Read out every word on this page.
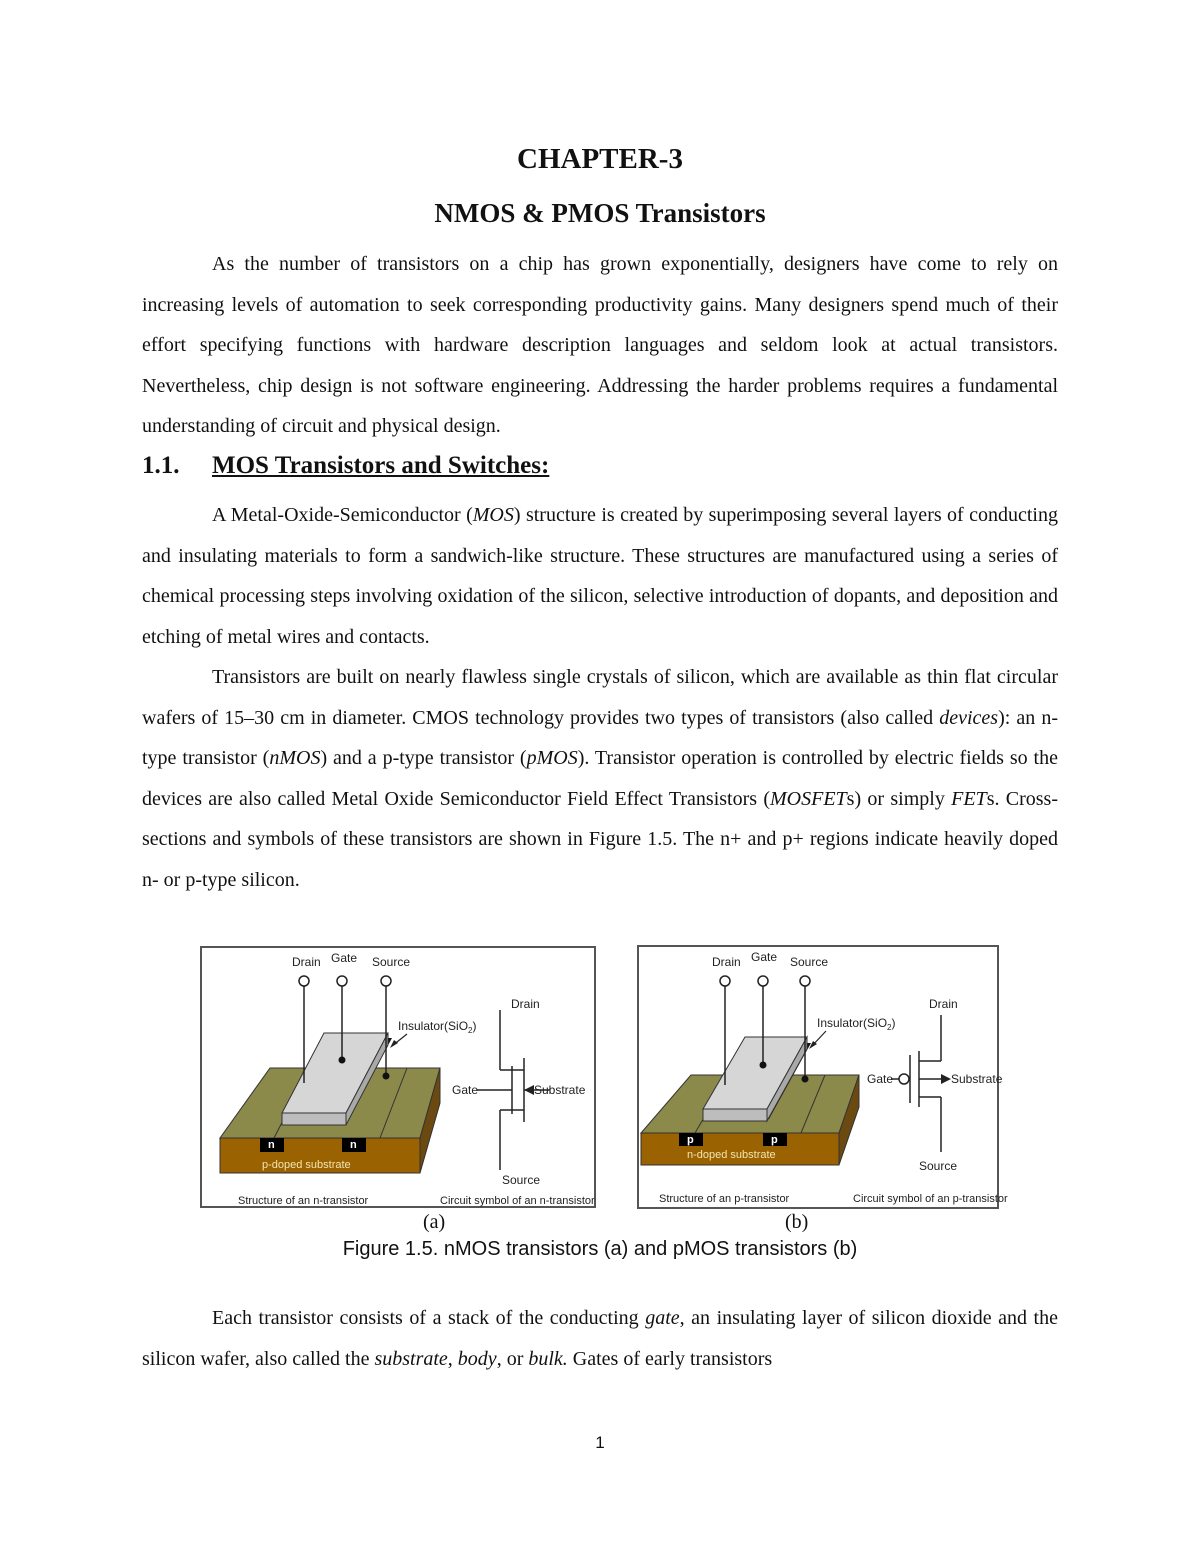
CHAPTER-3
NMOS & PMOS Transistors

As the number of transistors on a chip has grown exponentially, designers have come to rely on increasing levels of automation to seek corresponding productivity gains. Many designers spend much of their effort specifying functions with hardware description languages and seldom look at actual transistors. Nevertheless, chip design is not software engineering. Addressing the harder problems requires a fundamental understanding of circuit and physical design.

1.1. MOS Transistors and Switches:

A Metal-Oxide-Semiconductor (MOS) structure is created by superimposing several layers of conducting and insulating materials to form a sandwich-like structure. These structures are manufactured using a series of chemical processing steps involving oxidation of the silicon, selective introduction of dopants, and deposition and etching of metal wires and contacts.

Transistors are built on nearly flawless single crystals of silicon, which are available as thin flat circular wafers of 15–30 cm in diameter. CMOS technology provides two types of transistors (also called devices): an n-type transistor (nMOS) and a p-type transistor (pMOS). Transistor operation is controlled by electric fields so the devices are also called Metal Oxide Semiconductor Field Effect Transistors (MOSFETs) or simply FETs. Cross-sections and symbols of these transistors are shown in Figure 1.5. The n+ and p+ regions indicate heavily doped n- or p-type silicon.

n	n
p-doped substrate
Drain Gate Source
Insulator(SiO$_2$)
Drain
Gate	Substrate
Source
Structure of an n-transistor	Circuit symbol of an n-transistor
p	p
n-doped substrate
Drain Gate Source
Insulator(SiO$_2$)
Drain
Gate	Substrate
Source
Structure of an p-transistor	Circuit symbol of an p-transistor
(a)	(b)
Figure 1.5. nMOS transistors (a) and pMOS transistors (b)

Each transistor consists of a stack of the conducting gate, an insulating layer of silicon dioxide and the silicon wafer, also called the substrate, body, or bulk. Gates of early transistors

1
